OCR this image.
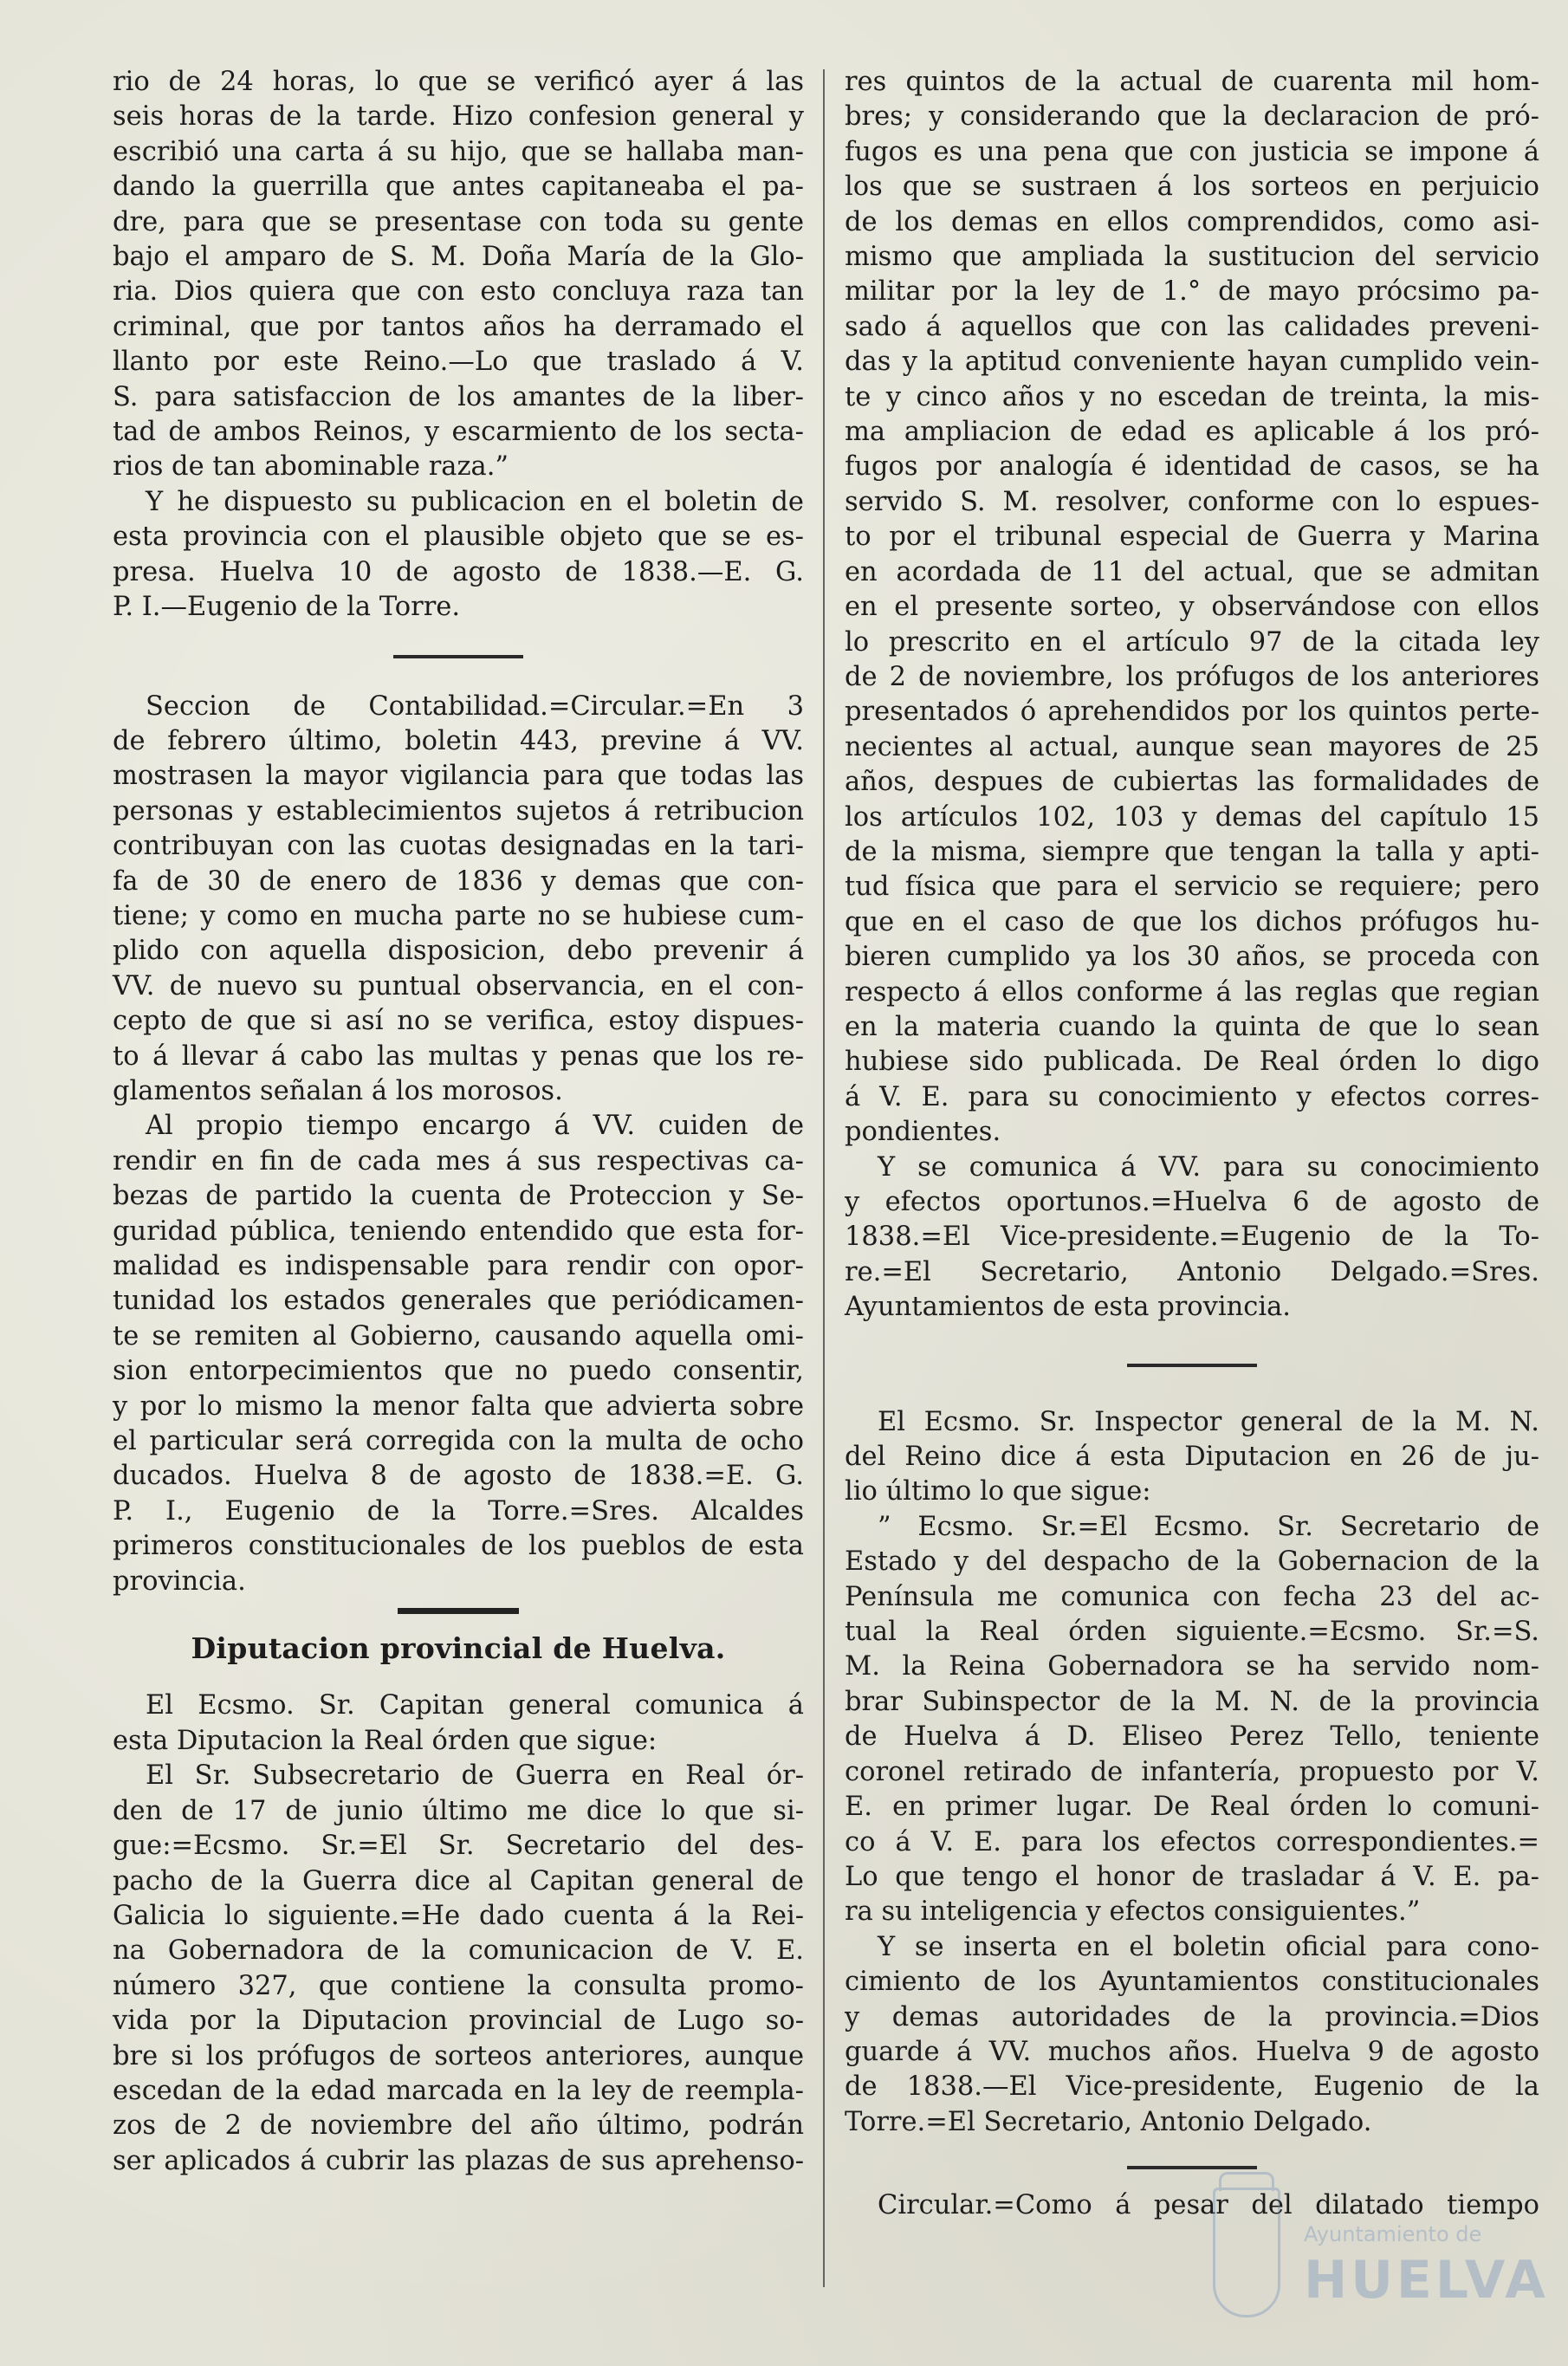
rio de 24 horas, lo que se verificó ayer á las
seis horas de la tarde. Hizo confesion general y
escribió una carta á su hijo, que se hallaba man-
dando la guerrilla que antes capitaneaba el pa-
dre, para que se presentase con toda su gente
bajo el amparo de S. M. Doña María de la Glo-
ria. Dios quiera que con esto concluya raza tan
criminal, que por tantos años ha derramado el
llanto por este Reino.—Lo que traslado á V.
S. para satisfaccion de los amantes de la liber-
tad de ambos Reinos, y escarmiento de los secta-
rios de tan abominable raza.”
Y he dispuesto su publicacion en el boletin de
esta provincia con el plausible objeto que se es-
presa. Huelva 10 de agosto de 1838.—E. G.
P. I.—Eugenio de la Torre.
Seccion de Contabilidad.=Circular.=En 3
de febrero último, boletin 443, previne á VV.
mostrasen la mayor vigilancia para que todas las
personas y establecimientos sujetos á retribucion
contribuyan con las cuotas designadas en la tari-
fa de 30 de enero de 1836 y demas que con-
tiene; y como en mucha parte no se hubiese cum-
plido con aquella disposicion, debo prevenir á
VV. de nuevo su puntual observancia, en el con-
cepto de que si así no se verifica, estoy dispues-
to á llevar á cabo las multas y penas que los re-
glamentos señalan á los morosos.
Al propio tiempo encargo á VV. cuiden de
rendir en fin de cada mes á sus respectivas ca-
bezas de partido la cuenta de Proteccion y Se-
guridad pública, teniendo entendido que esta for-
malidad es indispensable para rendir con opor-
tunidad los estados generales que periódicamen-
te se remiten al Gobierno, causando aquella omi-
sion entorpecimientos que no puedo consentir,
y por lo mismo la menor falta que advierta sobre
el particular será corregida con la multa de ocho
ducados. Huelva 8 de agosto de 1838.=E. G.
P. I., Eugenio de la Torre.=Sres. Alcaldes
primeros constitucionales de los pueblos de esta
provincia.
Diputacion provincial de Huelva.
El Ecsmo. Sr. Capitan general comunica á
esta Diputacion la Real órden que sigue:
El Sr. Subsecretario de Guerra en Real ór-
den de 17 de junio último me dice lo que si-
gue:=Ecsmo. Sr.=El Sr. Secretario del des-
pacho de la Guerra dice al Capitan general de
Galicia lo siguiente.=He dado cuenta á la Rei-
na Gobernadora de la comunicacion de V. E.
número 327, que contiene la consulta promo-
vida por la Diputacion provincial de Lugo so-
bre si los prófugos de sorteos anteriores, aunque
escedan de la edad marcada en la ley de reempla-
zos de 2 de noviembre del año último, podrán
ser aplicados á cubrir las plazas de sus aprehenso-
res quintos de la actual de cuarenta mil hom-
bres; y considerando que la declaracion de pró-
fugos es una pena que con justicia se impone á
los que se sustraen á los sorteos en perjuicio
de los demas en ellos comprendidos, como asi-
mismo que ampliada la sustitucion del servicio
militar por la ley de 1.° de mayo prócsimo pa-
sado á aquellos que con las calidades preveni-
das y la aptitud conveniente hayan cumplido vein-
te y cinco años y no escedan de treinta, la mis-
ma ampliacion de edad es aplicable á los pró-
fugos por analogía é identidad de casos, se ha
servido S. M. resolver, conforme con lo espues-
to por el tribunal especial de Guerra y Marina
en acordada de 11 del actual, que se admitan
en el presente sorteo, y observándose con ellos
lo prescrito en el artículo 97 de la citada ley
de 2 de noviembre, los prófugos de los anteriores
presentados ó aprehendidos por los quintos perte-
necientes al actual, aunque sean mayores de 25
años, despues de cubiertas las formalidades de
los artículos 102, 103 y demas del capítulo 15
de la misma, siempre que tengan la talla y apti-
tud física que para el servicio se requiere; pero
que en el caso de que los dichos prófugos hu-
bieren cumplido ya los 30 años, se proceda con
respecto á ellos conforme á las reglas que regian
en la materia cuando la quinta de que lo sean
hubiese sido publicada. De Real órden lo digo
á V. E. para su conocimiento y efectos corres-
pondientes.
Y se comunica á VV. para su conocimiento
y efectos oportunos.=Huelva 6 de agosto de
1838.=El Vice-presidente.=Eugenio de la To-
re.=El Secretario, Antonio Delgado.=Sres.
Ayuntamientos de esta provincia.
El Ecsmo. Sr. Inspector general de la M. N.
del Reino dice á esta Diputacion en 26 de ju-
lio último lo que sigue:
” Ecsmo. Sr.=El Ecsmo. Sr. Secretario de
Estado y del despacho de la Gobernacion de la
Península me comunica con fecha 23 del ac-
tual la Real órden siguiente.=Ecsmo. Sr.=S.
M. la Reina Gobernadora se ha servido nom-
brar Subinspector de la M. N. de la provincia
de Huelva á D. Eliseo Perez Tello, teniente
coronel retirado de infantería, propuesto por V.
E. en primer lugar. De Real órden lo comuni-
co á V. E. para los efectos correspondientes.=
Lo que tengo el honor de trasladar á V. E. pa-
ra su inteligencia y efectos consiguientes.”
Y se inserta en el boletin oficial para cono-
cimiento de los Ayuntamientos constitucionales
y demas autoridades de la provincia.=Dios
guarde á VV. muchos años. Huelva 9 de agosto
de 1838.—El Vice-presidente, Eugenio de la
Torre.=El Secretario, Antonio Delgado.
Circular.=Como á pesar del dilatado tiempo
Ayuntamiento de
HUELVA
